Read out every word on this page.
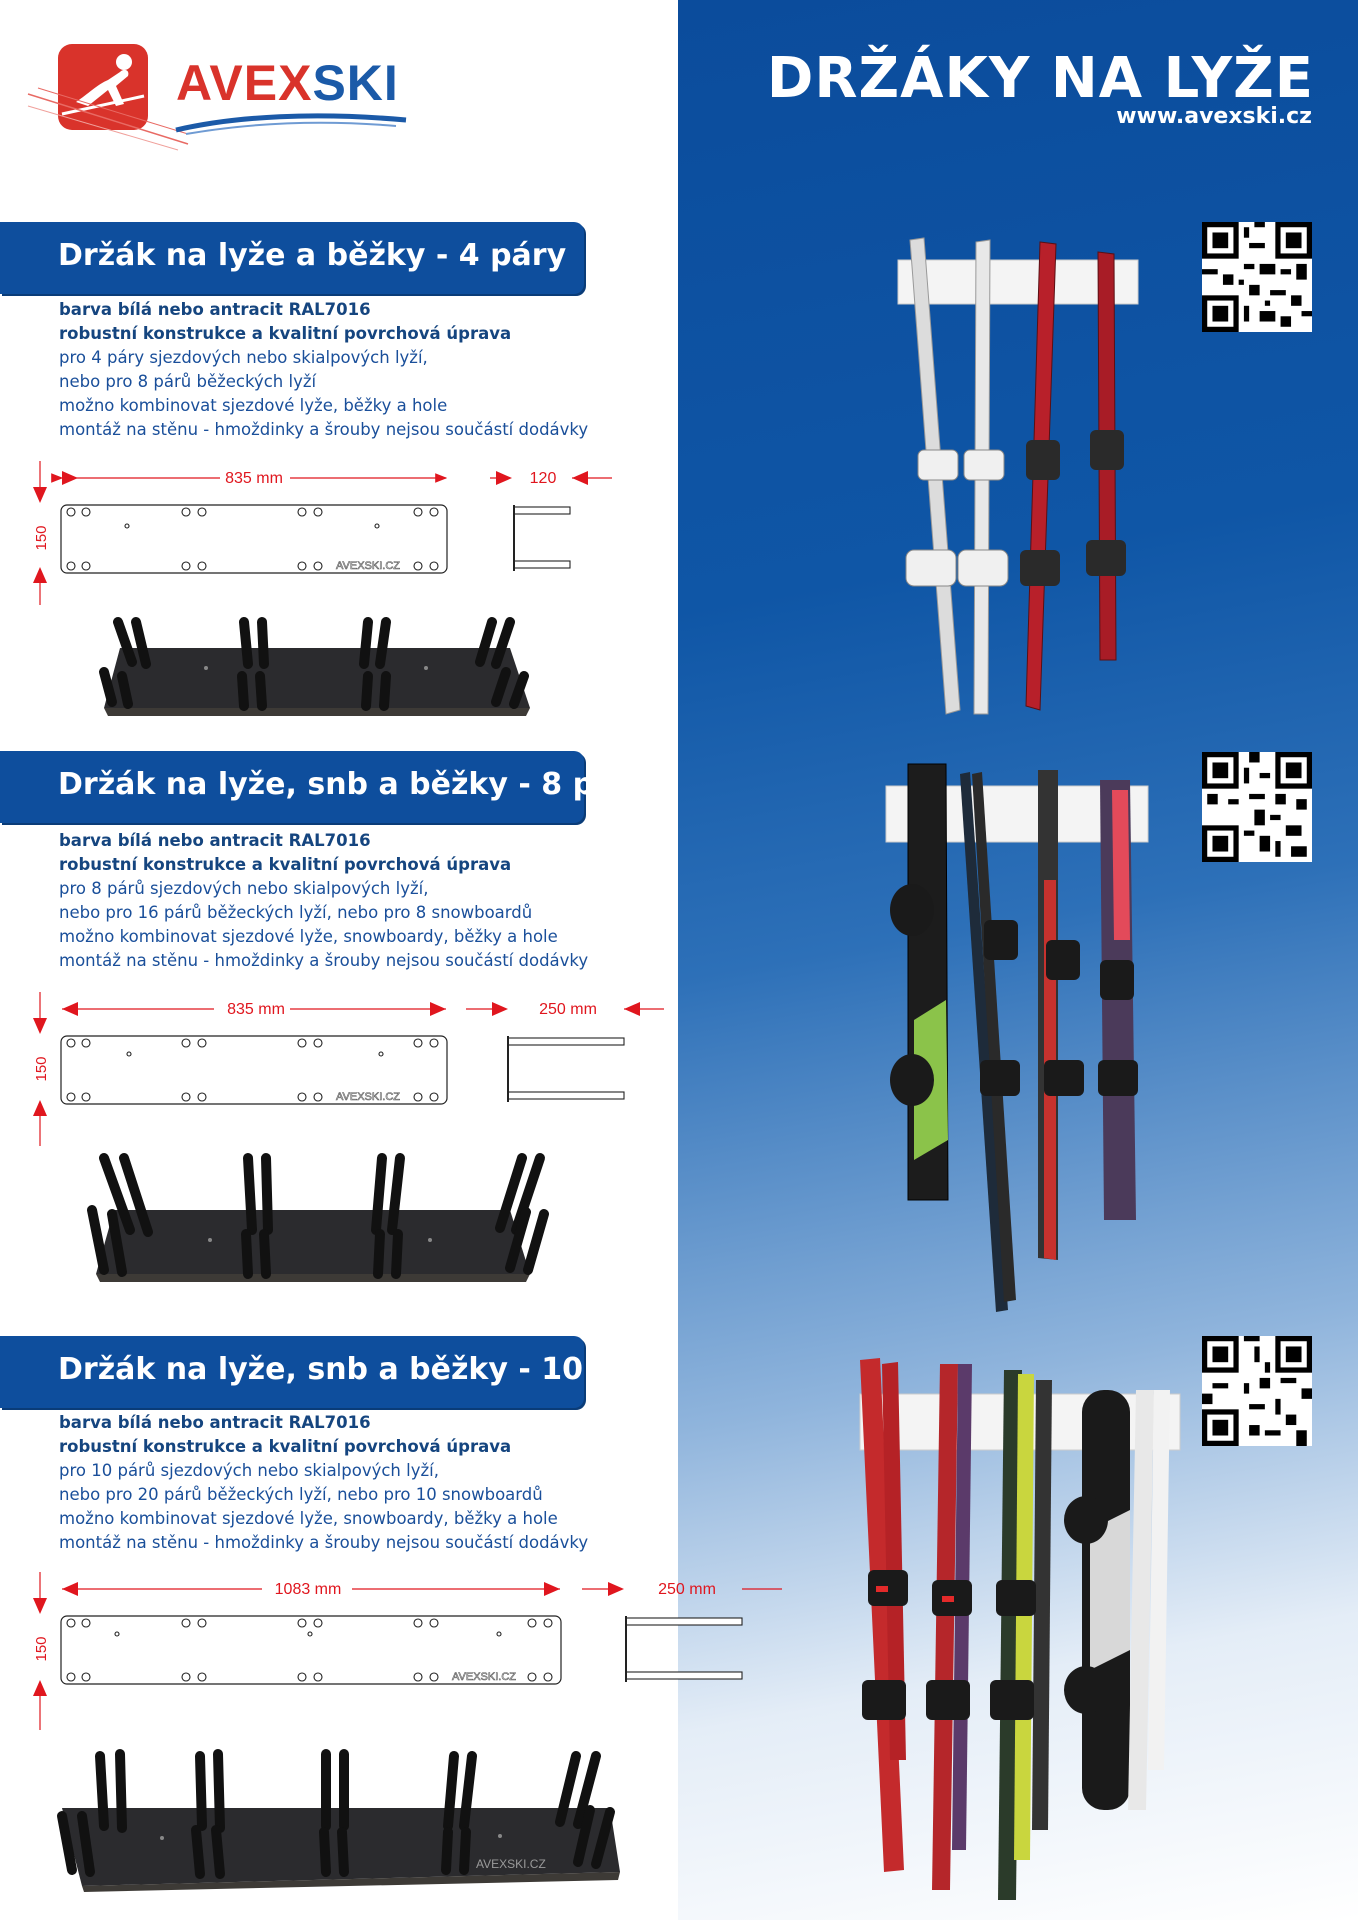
AVEXSKI	DRŽÁKY NA LYŽE
www.avexski.cz
Držák na lyže a běžky - 4 páry
barva bílá nebo antracit RAL7016
robustní konstrukce a kvalitní povrchová úprava
pro 4 páry sjezdových nebo skialpových lyží,
nebo pro 8 párů běžeckých lyží
možno kombinovat sjezdové lyže, běžky a hole
montáž na stěnu - hmoždinky a šrouby nejsou součástí dodávky
835 mm	120
150
AVEXSKI.CZ
Držák na lyže, snb a běžky - 8 párů
barva bílá nebo antracit RAL7016
robustní konstrukce a kvalitní povrchová úprava
pro 8 párů sjezdových nebo skialpových lyží,
nebo pro 16 párů běžeckých lyží, nebo pro 8 snowboardů
možno kombinovat sjezdové lyže, snowboardy, běžky a hole
montáž na stěnu - hmoždinky a šrouby nejsou součástí dodávky
835 mm	250 mm
150
AVEXSKI.CZ
Držák na lyže, snb a běžky - 10 párů
barva bílá nebo antracit RAL7016
robustní konstrukce a kvalitní povrchová úprava
pro 10 párů sjezdových nebo skialpových lyží,
nebo pro 20 párů běžeckých lyží, nebo pro 10 snowboardů
možno kombinovat sjezdové lyže, snowboardy, běžky a hole
montáž na stěnu - hmoždinky a šrouby nejsou součástí dodávky
1083 mm	250 mm
150
AVEXSKI.CZ
AVEXSKI.CZ
